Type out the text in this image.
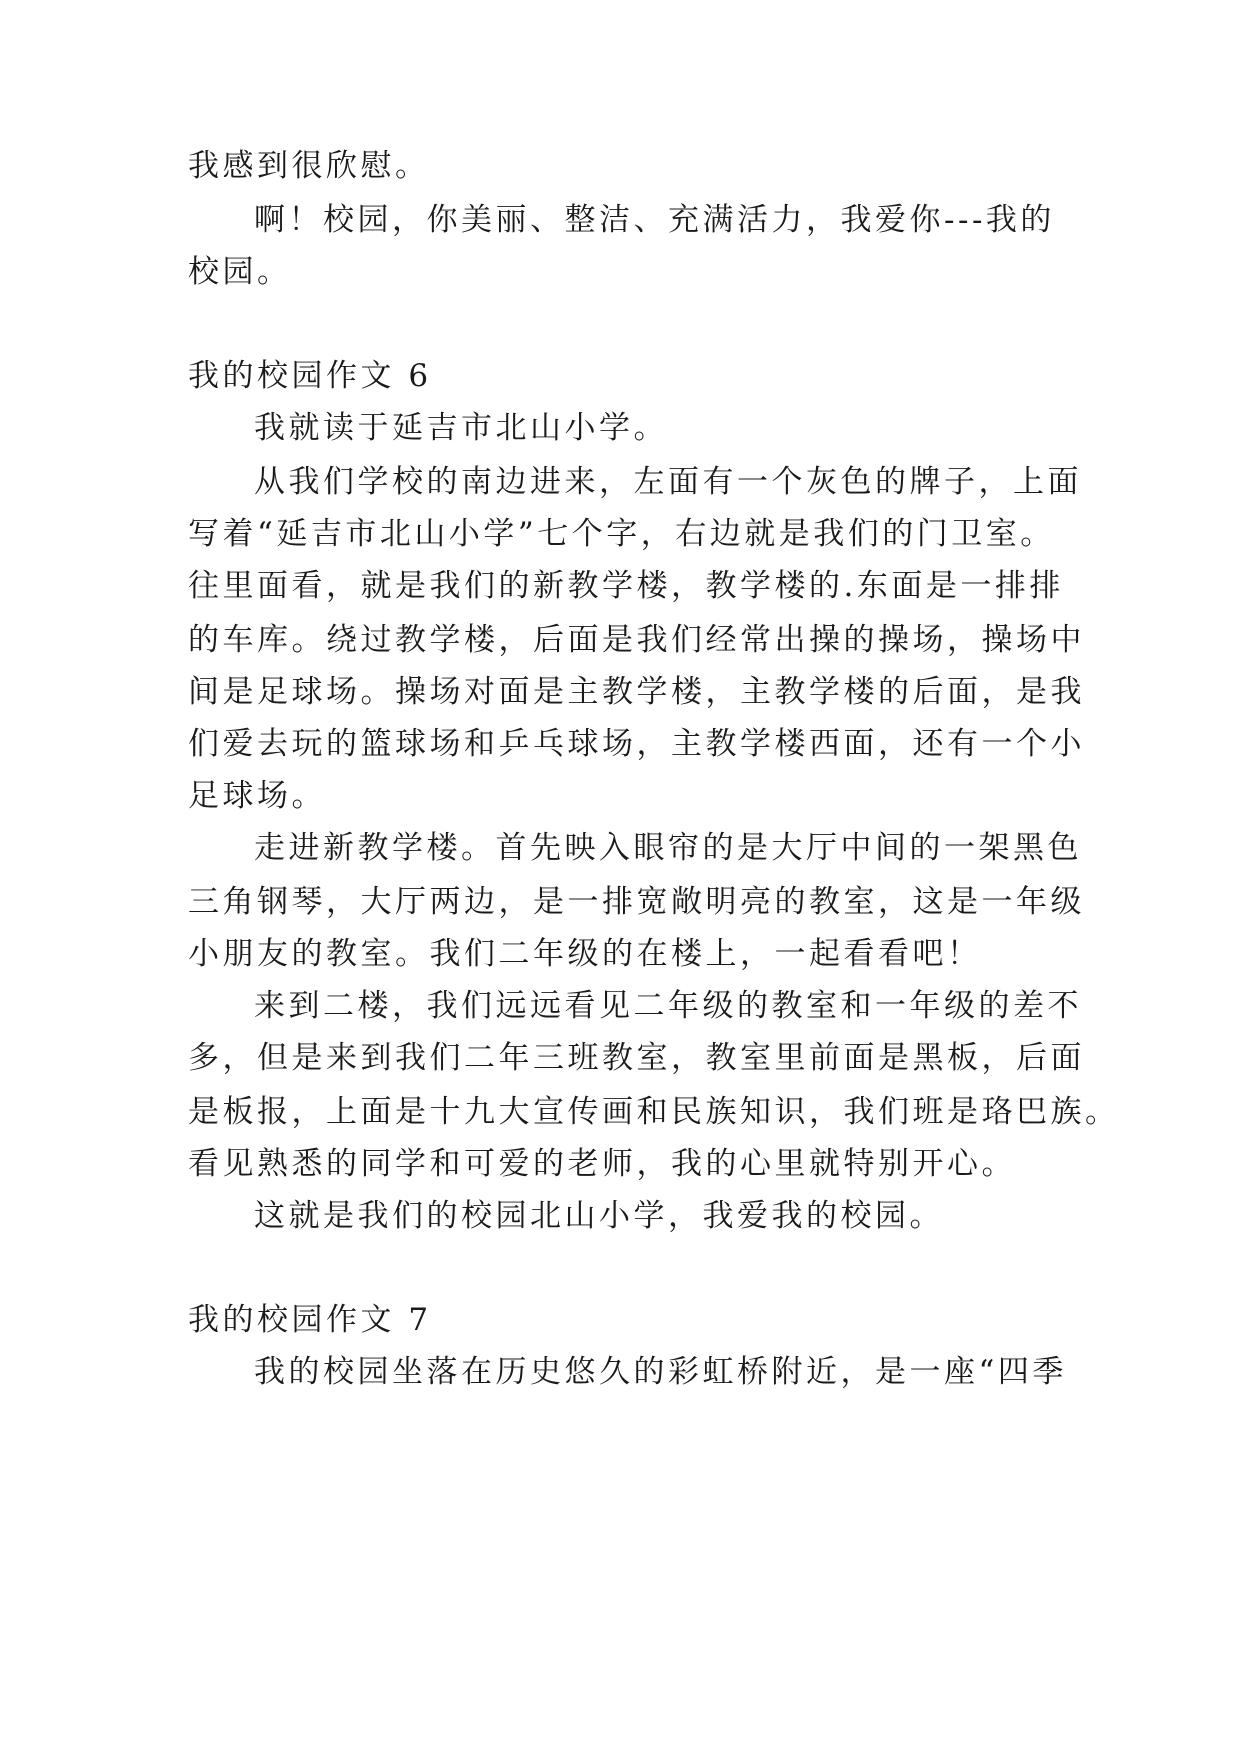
我感到很欣慰。
啊！校园，你美丽、整洁、充满活力，我爱你---我的
校园。
我的校园作文 6
我就读于延吉市北山小学。
从我们学校的南边进来，左面有一个灰色的牌子，上面
写着“延吉市北山小学”七个字，右边就是我们的门卫室。
往里面看，就是我们的新教学楼，教学楼的.东面是一排排
的车库。绕过教学楼，后面是我们经常出操的操场，操场中
间是足球场。操场对面是主教学楼，主教学楼的后面，是我
们爱去玩的篮球场和乒乓球场，主教学楼西面，还有一个小
足球场。
走进新教学楼。首先映入眼帘的是大厅中间的一架黑色
三角钢琴，大厅两边，是一排宽敞明亮的教室，这是一年级
小朋友的教室。我们二年级的在楼上，一起看看吧！
来到二楼，我们远远看见二年级的教室和一年级的差不
多，但是来到我们二年三班教室，教室里前面是黑板，后面
是板报，上面是十九大宣传画和民族知识，我们班是珞巴族。
看见熟悉的同学和可爱的老师，我的心里就特别开心。
这就是我们的校园北山小学，我爱我的校园。
我的校园作文 7
我的校园坐落在历史悠久的彩虹桥附近，是一座“四季
